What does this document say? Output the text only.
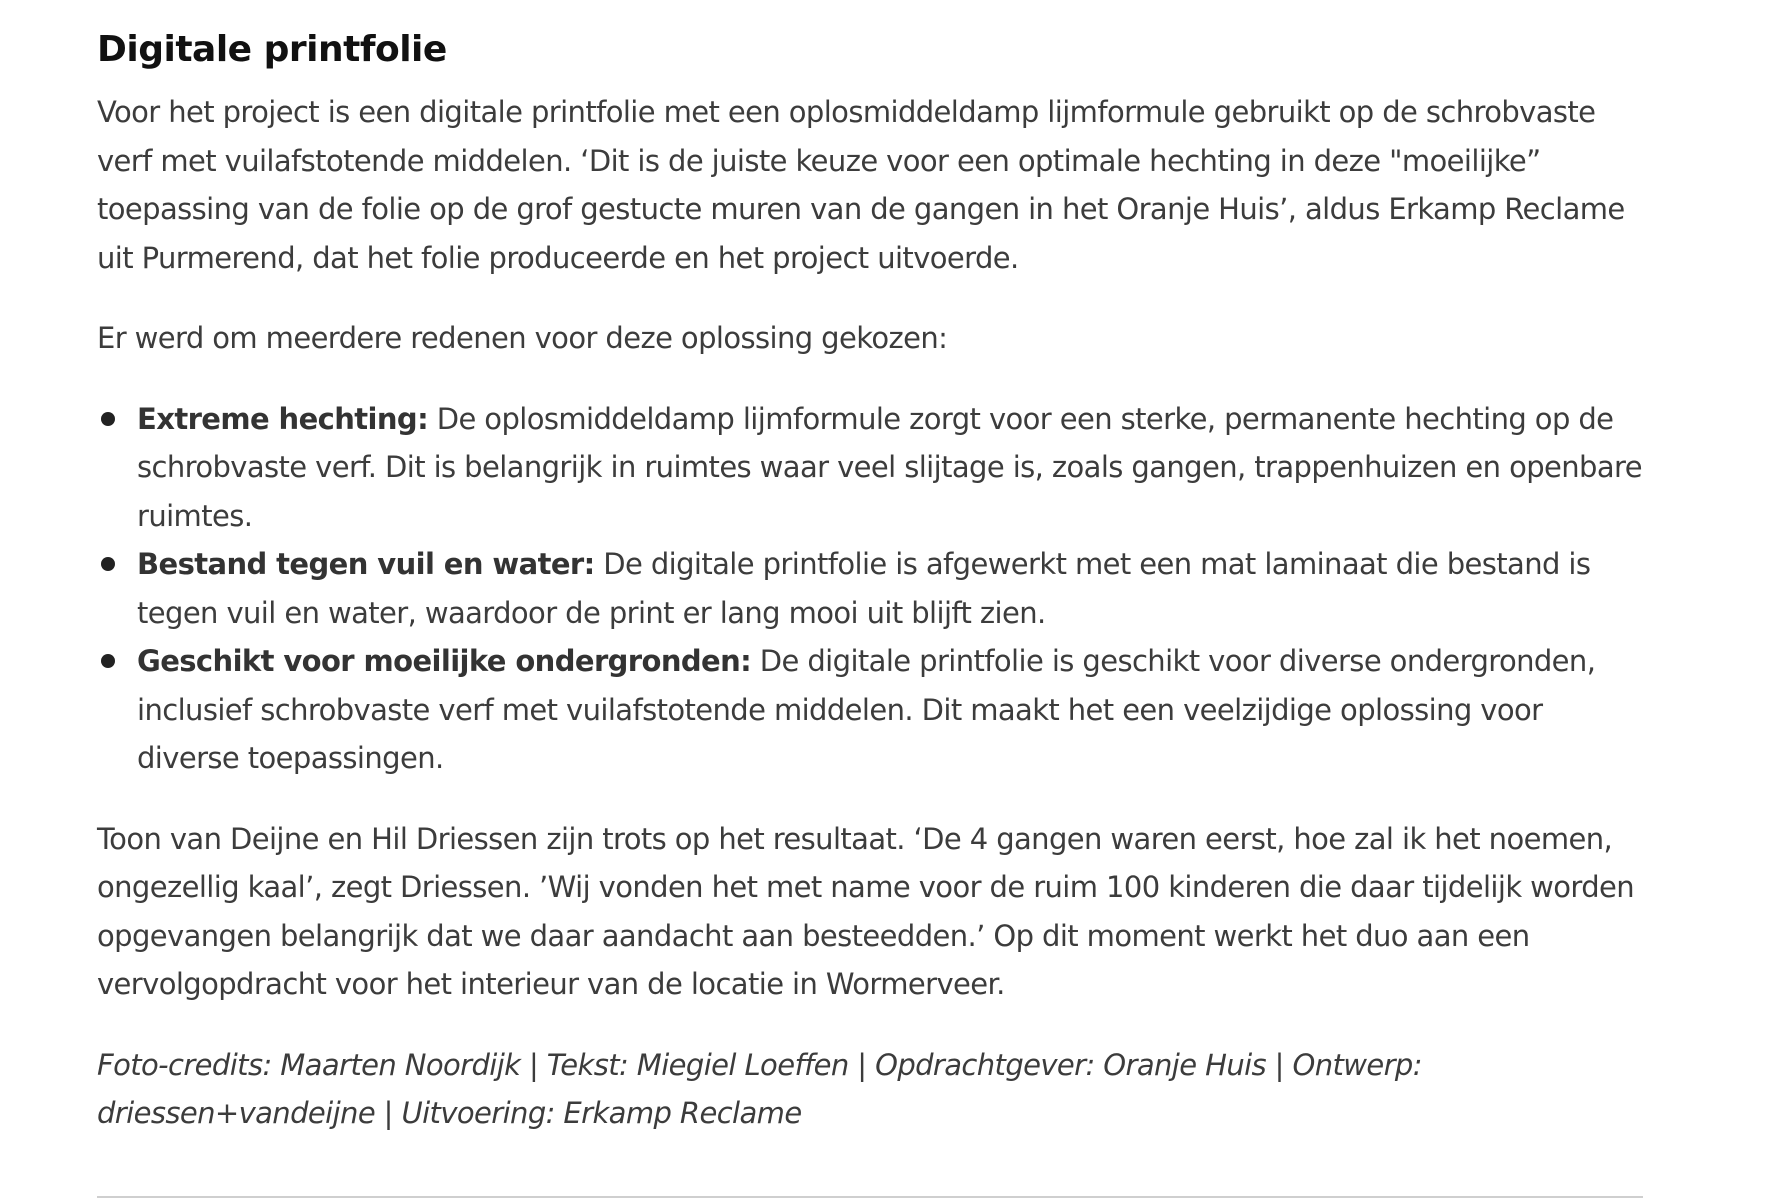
Digitale printfolie

Voor het project is een digitale printfolie met een oplosmiddeldamp lijmformule gebruikt op de schrobvaste verf met vuilafstotende middelen. ‘Dit is de juiste keuze voor een optimale hechting in deze "moeilijke” toepassing van de folie op de grof gestucte muren van de gangen in het Oranje Huis’, aldus Erkamp Reclame uit Purmerend, dat het folie produceerde en het project uitvoerde.

Er werd om meerdere redenen voor deze oplossing gekozen:

Extreme hechting: De oplosmiddeldamp lijmformule zorgt voor een sterke, permanente hechting op de schrobvaste verf. Dit is belangrijk in ruimtes waar veel slijtage is, zoals gangen, trappenhuizen en openbare ruimtes.
Bestand tegen vuil en water: De digitale printfolie is afgewerkt met een mat laminaat die bestand is tegen vuil en water, waardoor de print er lang mooi uit blijft zien.
Geschikt voor moeilijke ondergronden: De digitale printfolie is geschikt voor diverse ondergronden, inclusief schrobvaste verf met vuilafstotende middelen. Dit maakt het een veelzijdige oplossing voor diverse toepassingen.

Toon van Deijne en Hil Driessen zijn trots op het resultaat. ‘De 4 gangen waren eerst, hoe zal ik het noemen, ongezellig kaal’, zegt Driessen. ’Wij vonden het met name voor de ruim 100 kinderen die daar tijdelijk worden opgevangen belangrijk dat we daar aandacht aan besteedden.’ Op dit moment werkt het duo aan een vervolgopdracht voor het interieur van de locatie in Wormerveer.

Foto-credits: Maarten Noordijk | Tekst: Miegiel Loeffen | Opdrachtgever: Oranje Huis | Ontwerp: driessen+vandeijne | Uitvoering: Erkamp Reclame
